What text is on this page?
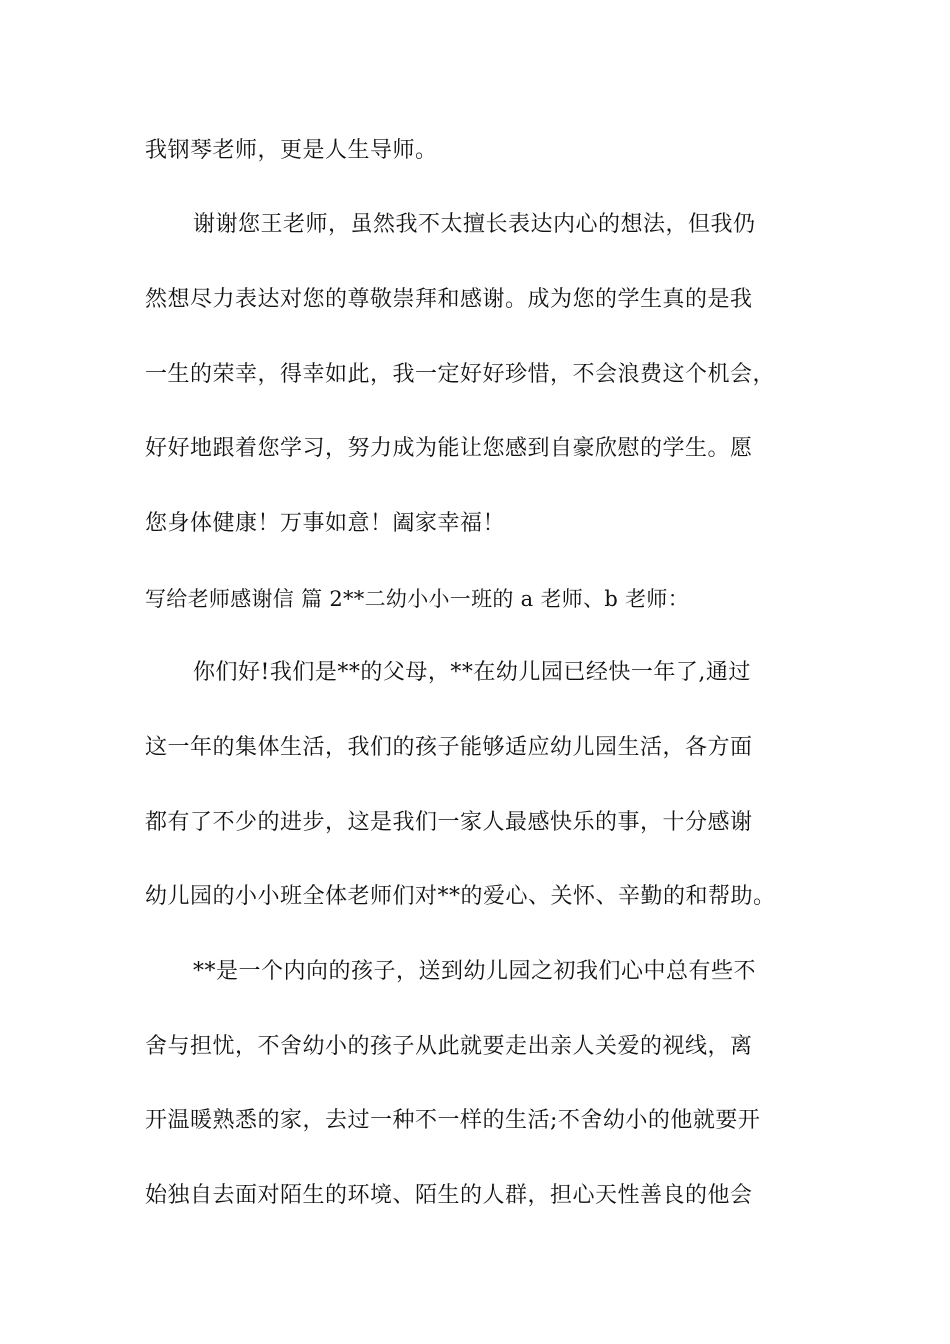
我钢琴老师，更是人生导师。
谢谢您王老师，虽然我不太擅长表达内心的想法，但我仍
然想尽力表达对您的尊敬崇拜和感谢。成为您的学生真的是我
一生的荣幸，得幸如此，我一定好好珍惜，不会浪费这个机会，
好好地跟着您学习，努力成为能让您感到自豪欣慰的学生。愿
您身体健康！万事如意！阖家幸福！
写给老师感谢信 篇 2**二幼小小一班的 a 老师、b 老师：
你们好!我们是**的父母，**在幼儿园已经快一年了,通过
这一年的集体生活，我们的孩子能够适应幼儿园生活，各方面
都有了不少的进步，这是我们一家人最感快乐的事，十分感谢
幼儿园的小小班全体老师们对**的爱心、关怀、辛勤的和帮助。
**是一个内向的孩子，送到幼儿园之初我们心中总有些不
舍与担忧，不舍幼小的孩子从此就要走出亲人关爱的视线，离
开温暖熟悉的家，去过一种不一样的生活;不舍幼小的他就要开
始独自去面对陌生的环境、陌生的人群，担心天性善良的他会
